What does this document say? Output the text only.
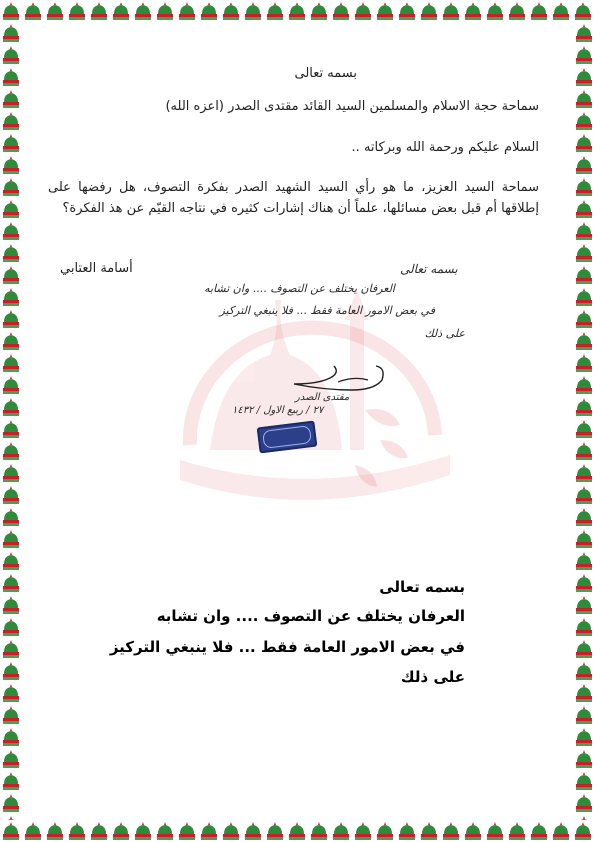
بسمه تعالى
سماحة حجة الاسلام والمسلمين السيد القائد مقتدى الصدر (اعزه الله)
السلام عليكم ورحمة الله وبركاته ..
سماحة السيد العزيز، ما هو رأي السيد الشهيد الصدر بفكرة التصوف، هل رفضها على إطلاقها أم قبل بعض مسائلها، علماً أن هناك إشارات كثيره في نتاجه القيّم عن هذ الفكرة؟
أسامة العتابي	بسمه تعالى
العرفان يختلف عن التصوف .... وان تشابه
في بعض الامور العامة فقط ... فلا ينبغي التركيز
على ذلك
مقتدى الصدر
٢٧ / ربيع الاول / ١٤٣٢
بسمه تعالى
العرفان يختلف عن التصوف .... وان تشابه
في بعض الامور العامة فقط ... فلا ينبغي التركيز
على ذلك
